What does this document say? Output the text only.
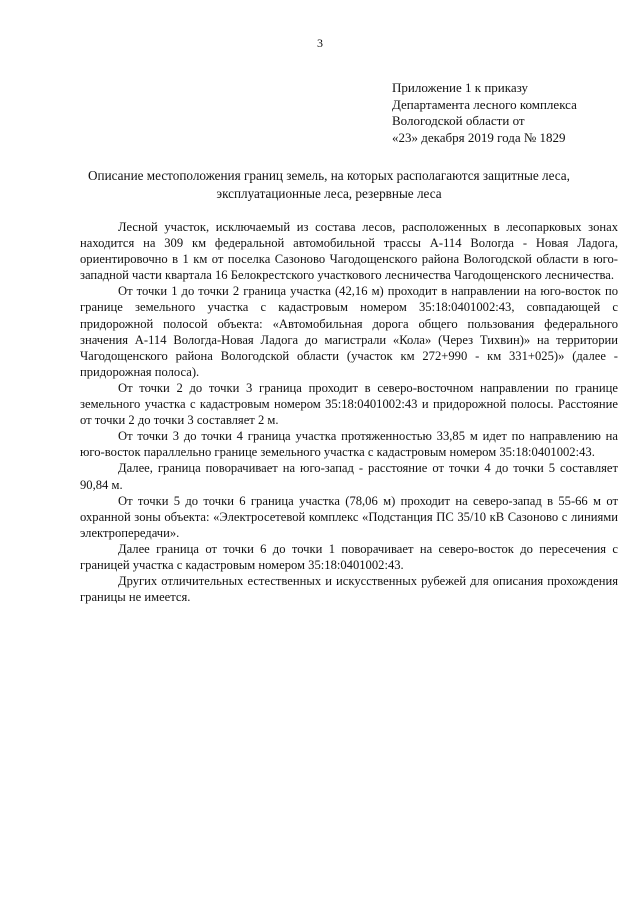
3
Приложение 1 к приказу
Департамента лесного комплекса
Вологодской области от
«23» декабря 2019 года № 1829
Описание местоположения границ земель, на которых располагаются защитные леса, эксплуатационные леса, резервные леса

Лесной участок, исключаемый из состава лесов, расположенных в лесопарковых зонах находится на 309 км федеральной автомобильной трассы А-114 Вологда - Новая Ладога, ориентировочно в 1 км от поселка Сазоново Чагодощенского района Вологодской области в юго-западной части квартала 16 Белокрестского участкового лесничества Чагодощенского лесничества.

От точки 1 до точки 2 граница участка (42,16 м) проходит в направлении на юго-восток по границе земельного участка с кадастровым номером 35:18:0401002:43, совпадающей с придорожной полосой объекта: «Автомобильная дорога общего пользования федерального значения А-114 Вологда-Новая Ладога до магистрали «Кола» (Через Тихвин)» на территории Чагодощенского района Вологодской области (участок км 272+990 - км 331+025)» (далее - придорожная полоса).

От точки 2 до точки 3 граница проходит в северо-восточном направлении по границе земельного участка с кадастровым номером 35:18:0401002:43 и придорожной полосы. Расстояние от точки 2 до точки 3 составляет 2 м.

От точки 3 до точки 4 граница участка протяженностью 33,85 м идет по направлению на юго-восток параллельно границе земельного участка с кадастровым номером 35:18:0401002:43.

Далее, граница поворачивает на юго-запад - расстояние от точки 4 до точки 5 составляет 90,84 м.

От точки 5 до точки 6 граница участка (78,06 м) проходит на северо-запад в 55-66 м от охранной зоны объекта: «Электросетевой комплекс «Подстанция ПС 35/10 кВ Сазоново с линиями электропередачи».

Далее граница от точки 6 до точки 1 поворачивает на северо-восток до пересечения с границей участка с кадастровым номером 35:18:0401002:43.

Других отличительных естественных и искусственных рубежей для описания прохождения границы не имеется.
